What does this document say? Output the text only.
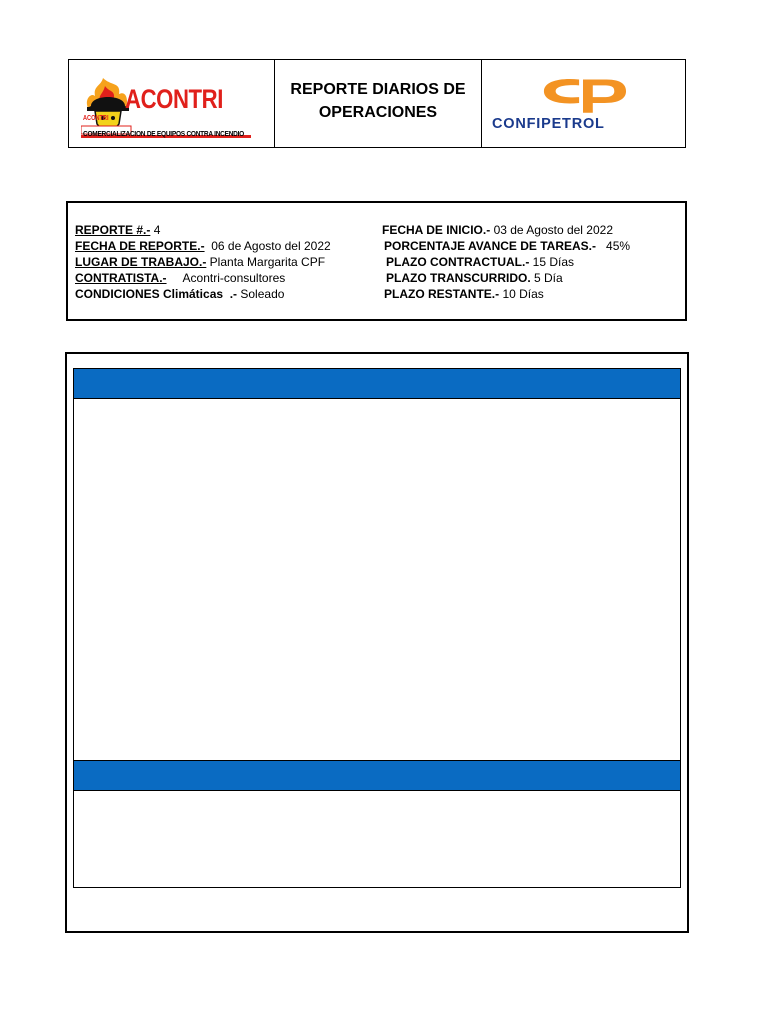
ACONTRI
ACONTRI
COMERCIALIZACION DE EQUIPOS CONTRA INCENDIO
REPORTE DIARIOS DE
OPERACIONES
CONFIPETROL
REPORTE #.- 4
FECHA DE REPORTE.-  06 de Agosto del 2022
LUGAR DE TRABAJO.- Planta Margarita CPF
CONTRATISTA.-     Acontri-consultores
CONDICIONES Climáticas  .- Soleado
FECHA DE INICIO.- 03 de Agosto del 2022
PORCENTAJE AVANCE DE TAREAS.-   45%
PLAZO CONTRACTUAL.- 15 Días
PLAZO TRANSCURRIDO. 5 Día
PLAZO RESTANTE.- 10 Días
